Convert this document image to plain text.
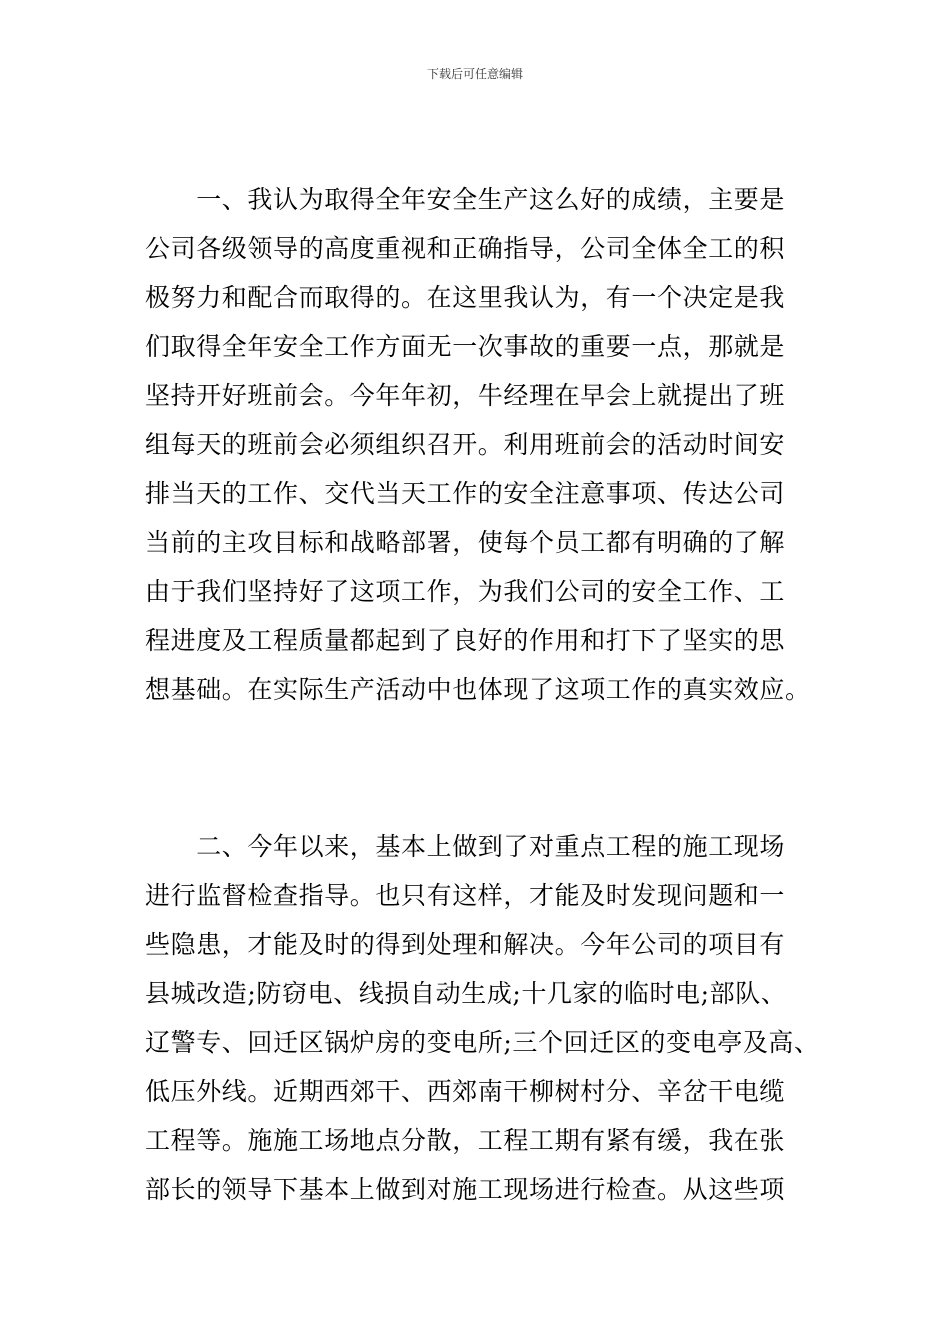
下载后可任意编辑
　　一、我认为取得全年安全生产这么好的成绩，主要是
公司各级领导的高度重视和正确指导，公司全体全工的积
极努力和配合而取得的。在这里我认为，有一个决定是我
们取得全年安全工作方面无一次事故的重要一点，那就是
坚持开好班前会。今年年初，牛经理在早会上就提出了班
组每天的班前会必须组织召开。利用班前会的活动时间安
排当天的工作、交代当天工作的安全注意事项、传达公司
当前的主攻目标和战略部署，使每个员工都有明确的了解
由于我们坚持好了这项工作，为我们公司的安全工作、工
程进度及工程质量都起到了良好的作用和打下了坚实的思
想基础。在实际生产活动中也体现了这项工作的真实效应。
　　二、今年以来，基本上做到了对重点工程的施工现场
进行监督检查指导。也只有这样，才能及时发现问题和一
些隐患，才能及时的得到处理和解决。今年公司的项目有
县城改造;防窃电、线损自动生成;十几家的临时电;部队、
辽警专、回迁区锅炉房的变电所;三个回迁区的变电亭及高、
低压外线。近期西郊干、西郊南干柳树村分、辛岔干电缆
工程等。施施工场地点分散，工程工期有紧有缓，我在张
部长的领导下基本上做到对施工现场进行检查。从这些项
